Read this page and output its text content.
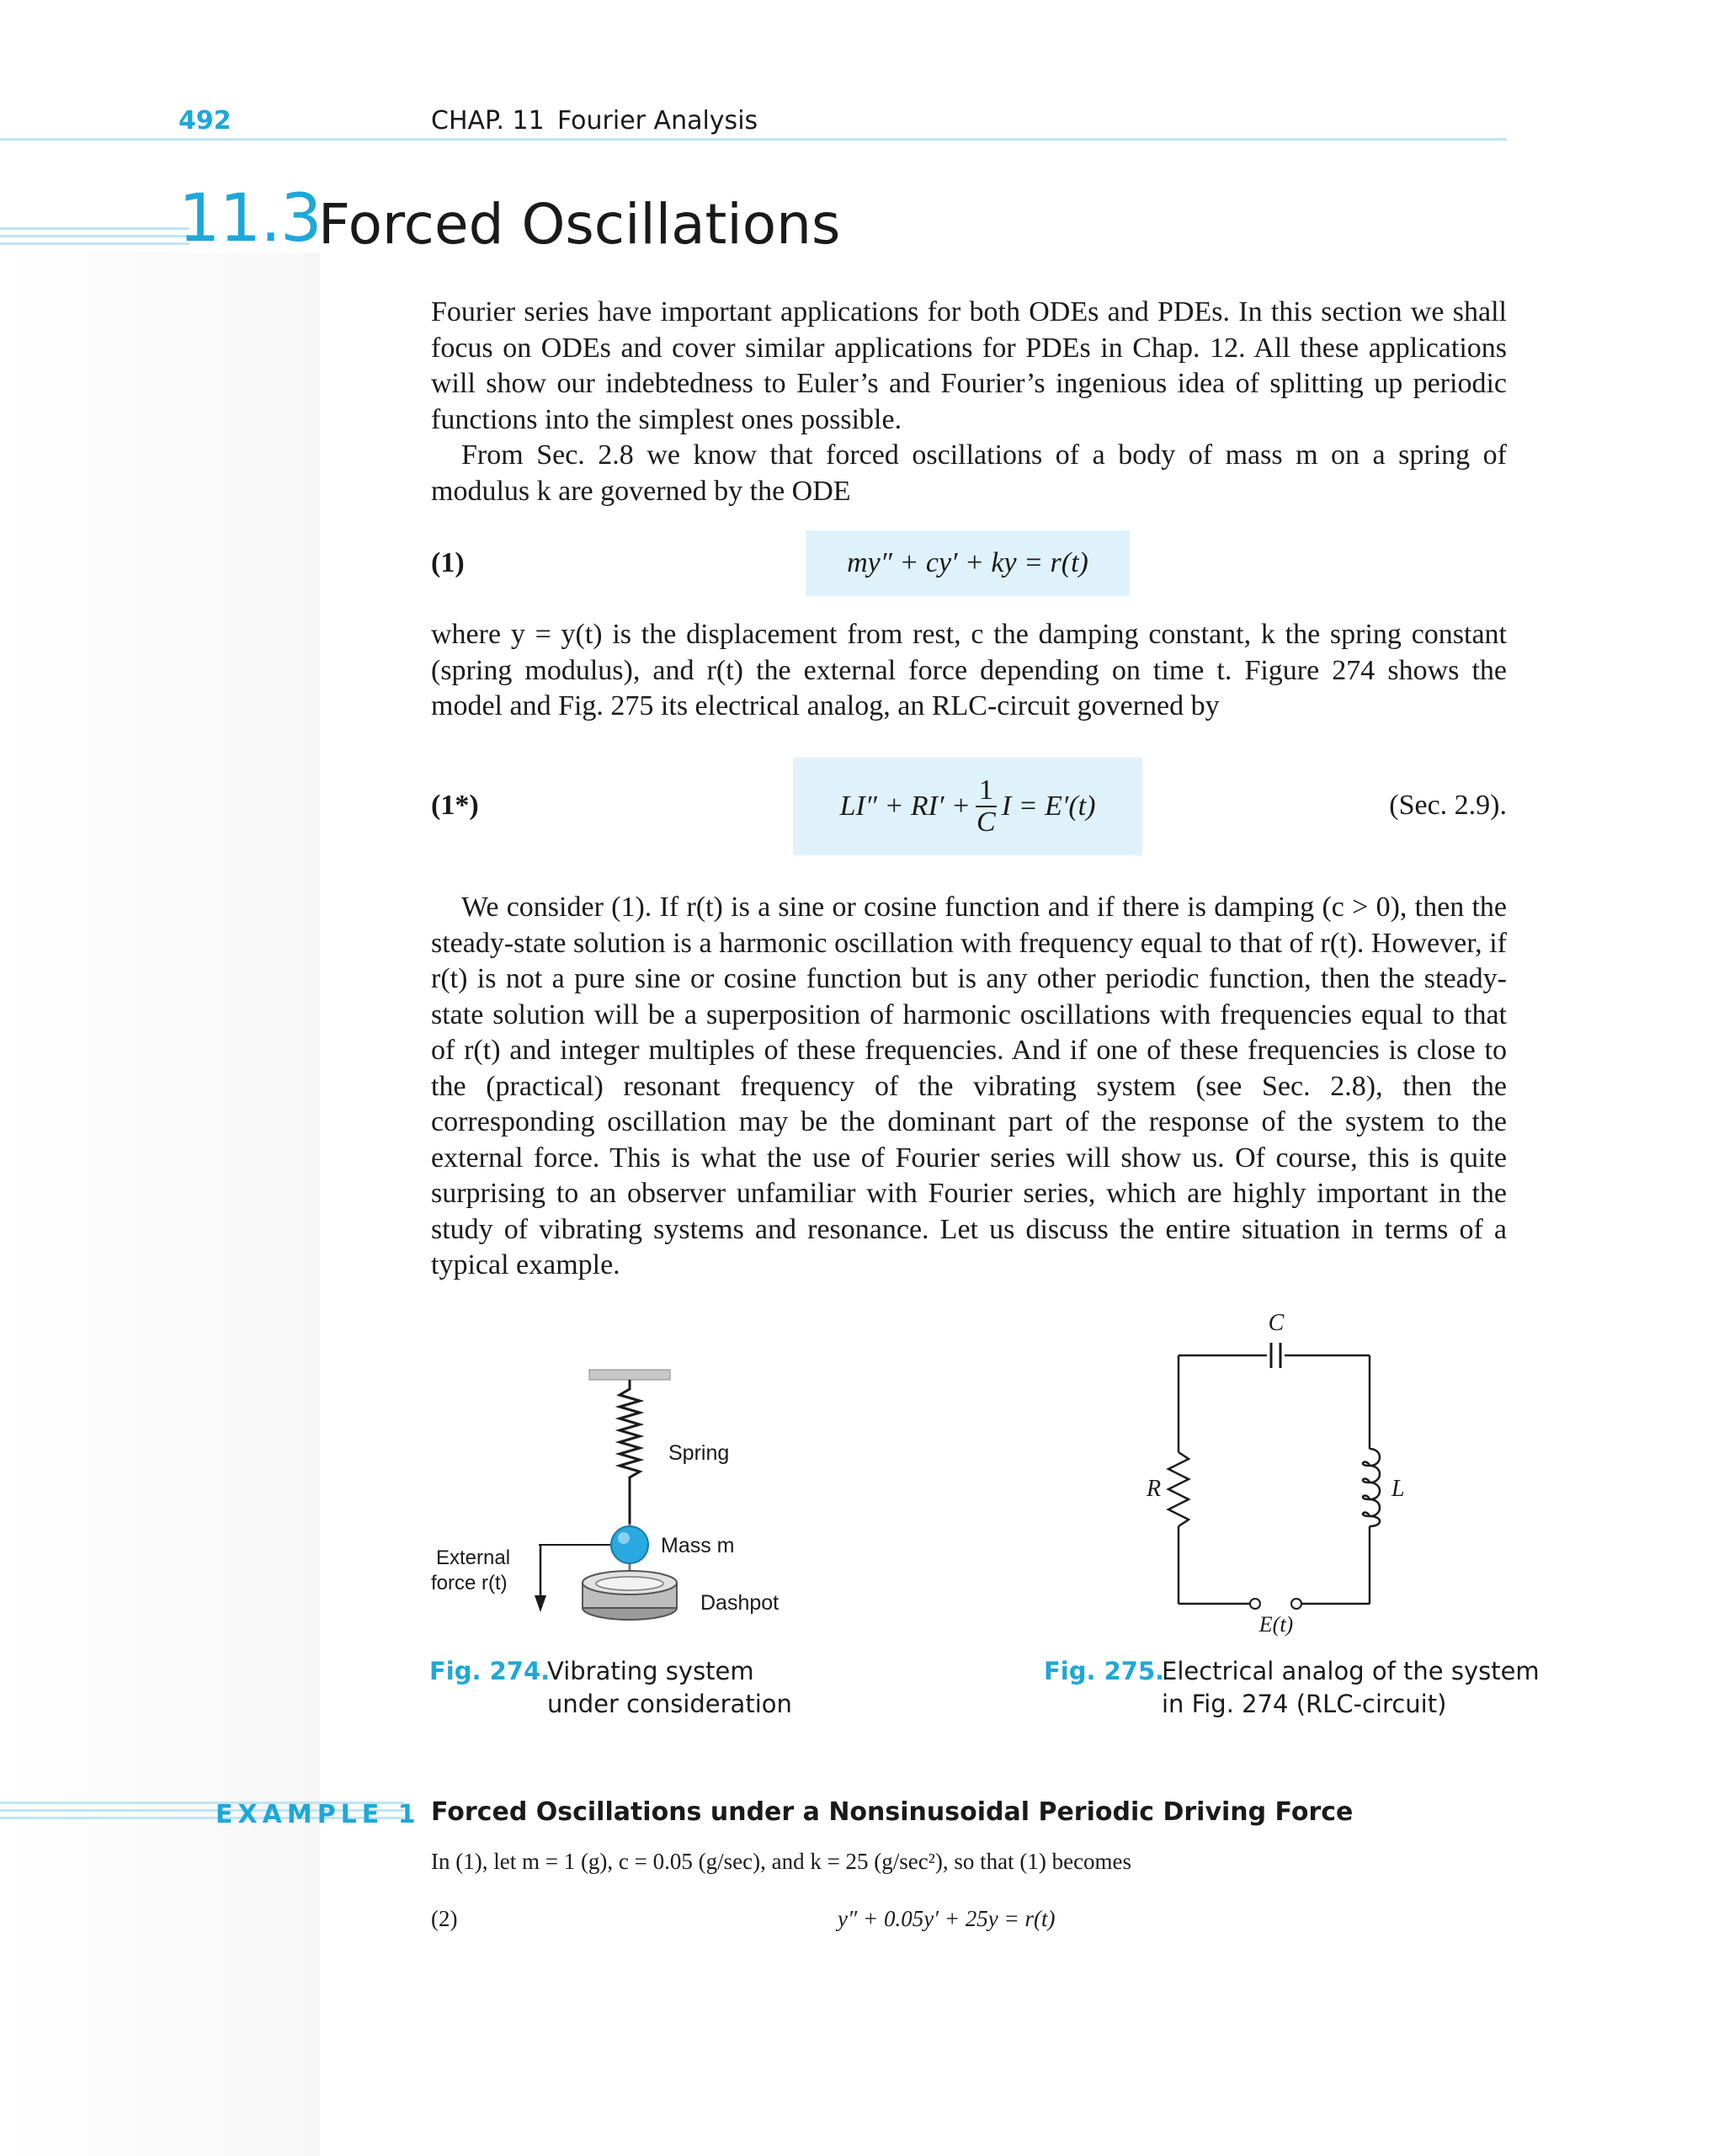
492	CHAP. 11 Fourier Analysis
11.3
Forced Oscillations

Fourier series have important applications for both ODEs and PDEs. In this section we shall focus on ODEs and cover similar applications for PDEs in Chap. 12. All these applications will show our indebtedness to Euler’s and Fourier’s ingenious idea of splitting up periodic functions into the simplest ones possible.

From Sec. 2.8 we know that forced oscillations of a body of mass m on a spring of modulus k are governed by the ODE

(1)	my″ + cy′ + ky = r(t)

where y = y(t) is the displacement from rest, c the damping constant, k the spring constant (spring modulus), and r(t) the external force depending on time t. Figure 274 shows the model and Fig. 275 its electrical analog, an RLC-circuit governed by

(1*)	$LI'' + RI' + \frac{1}{C}$ I = E′(t)	(Sec. 2.9).

We consider (1). If r(t) is a sine or cosine function and if there is damping (c > 0), then the steady-state solution is a harmonic oscillation with frequency equal to that of r(t). However, if r(t) is not a pure sine or cosine function but is any other periodic function, then the steady-state solution will be a superposition of harmonic oscillations with frequencies equal to that of r(t) and integer multiples of these frequencies. And if one of these frequencies is close to the (practical) resonant frequency of the vibrating system (see Sec. 2.8), then the corresponding oscillation may be the dominant part of the response of the system to the external force. This is what the use of Fourier series will show us. Of course, this is quite surprising to an observer unfamiliar with Fourier series, which are highly important in the study of vibrating systems and resonance. Let us discuss the entire situation in terms of a typical example.

Spring
Mass m
External
force r(t)
Dashpot
Fig. 274.
Vibrating system
under consideration
C
R	L
E(t)
Fig. 275.
Electrical analog of the system
in Fig. 274 (RLC-circuit)
EXAMPLE 1 Forced Oscillations under a Nonsinusoidal Periodic Driving Force
In (1), let m = 1 (g), c = 0.05 (g/sec), and k = 25 (g/sec²), so that (1) becomes
(2)	y″ + 0.05y′ + 25y = r(t)
